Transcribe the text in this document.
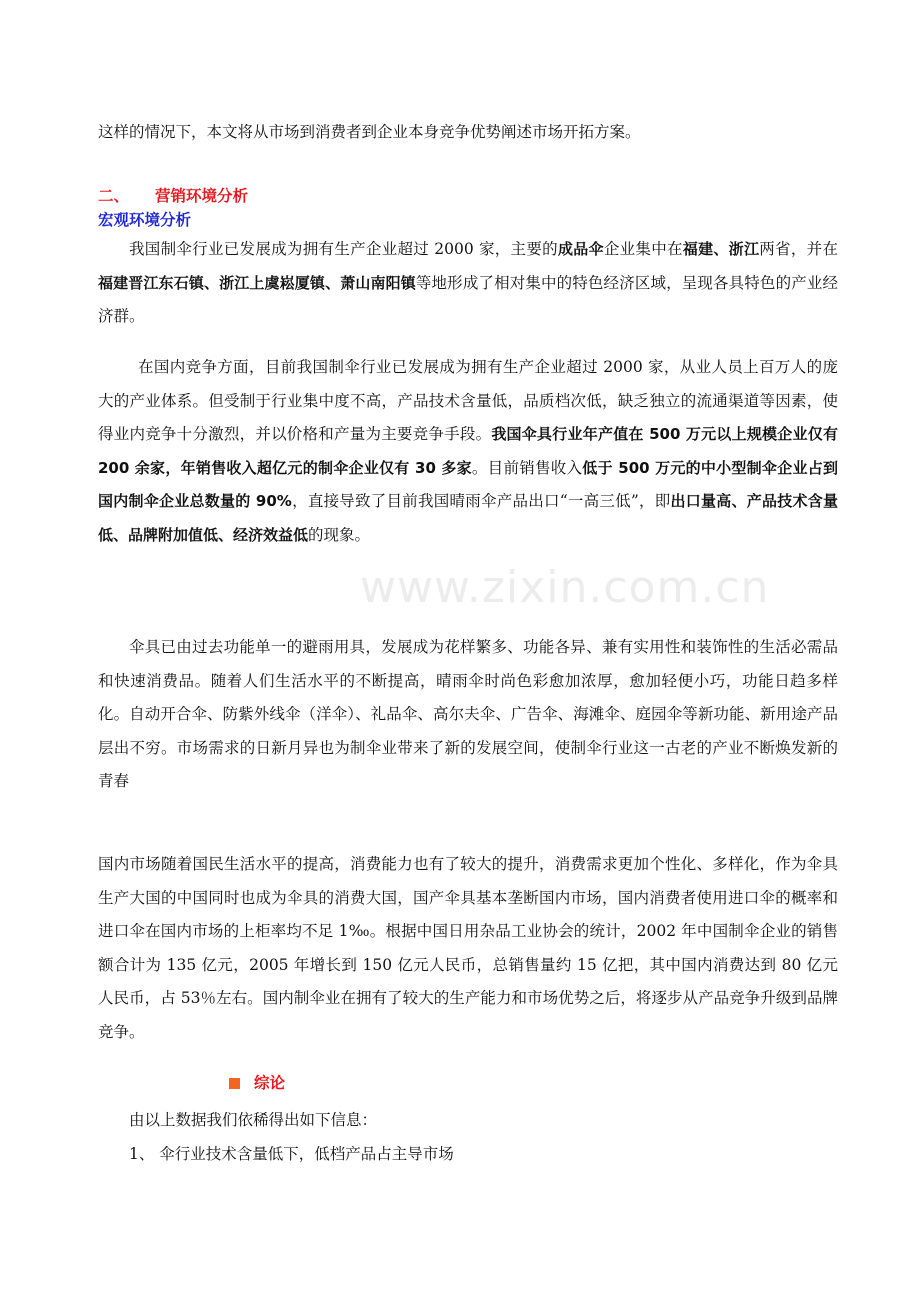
www.zixin.com.cn

这样的情况下，本文将从市场到消费者到企业本身竞争优势阐述市场开拓方案。

二、 营销环境分析
宏观环境分析

我国制伞行业已发展成为拥有生产企业超过 2000 家，主要的成品伞企业集中在福建、浙江两省，并在福建晋江东石镇、浙江上虞崧厦镇、萧山南阳镇等地形成了相对集中的特色经济区域，呈现各具特色的产业经济群。

在国内竞争方面，目前我国制伞行业已发展成为拥有生产企业超过 2000 家，从业人员上百万人的庞大的产业体系。但受制于行业集中度不高，产品技术含量低，品质档次低，缺乏独立的流通渠道等因素，使得业内竞争十分激烈，并以价格和产量为主要竞争手段。我国伞具行业年产值在 500 万元以上规模企业仅有 200 余家，年销售收入超亿元的制伞企业仅有 30 多家。目前销售收入低于 500 万元的中小型制伞企业占到国内制伞企业总数量的 90%，直接导致了目前我国晴雨伞产品出口“一高三低”，即出口量高、产品技术含量低、品牌附加值低、经济效益低的现象。

伞具已由过去功能单一的避雨用具，发展成为花样繁多、功能各异、兼有实用性和装饰性的生活必需品和快速消费品。随着人们生活水平的不断提高，晴雨伞时尚色彩愈加浓厚，愈加轻便小巧，功能日趋多样化。自动开合伞、防紫外线伞（洋伞）、礼品伞、高尔夫伞、广告伞、海滩伞、庭园伞等新功能、新用途产品层出不穷。市场需求的日新月异也为制伞业带来了新的发展空间，使制伞行业这一古老的产业不断焕发新的青春

国内市场随着国民生活水平的提高，消费能力也有了较大的提升，消费需求更加个性化、多样化，作为伞具生产大国的中国同时也成为伞具的消费大国，国产伞具基本垄断国内市场，国内消费者使用进口伞的概率和进口伞在国内市场的上柜率均不足 1‰。根据中国日用杂品工业协会的统计，2002 年中国制伞企业的销售额合计为 135 亿元，2005 年增长到 150 亿元人民币，总销售量约 15 亿把，其中国内消费达到 80 亿元人民币，占 53％左右。国内制伞业在拥有了较大的生产能力和市场优势之后，将逐步从产品竞争升级到品牌竞争。

综论

由以上数据我们依稀得出如下信息：

1、 伞行业技术含量低下，低档产品占主导市场
